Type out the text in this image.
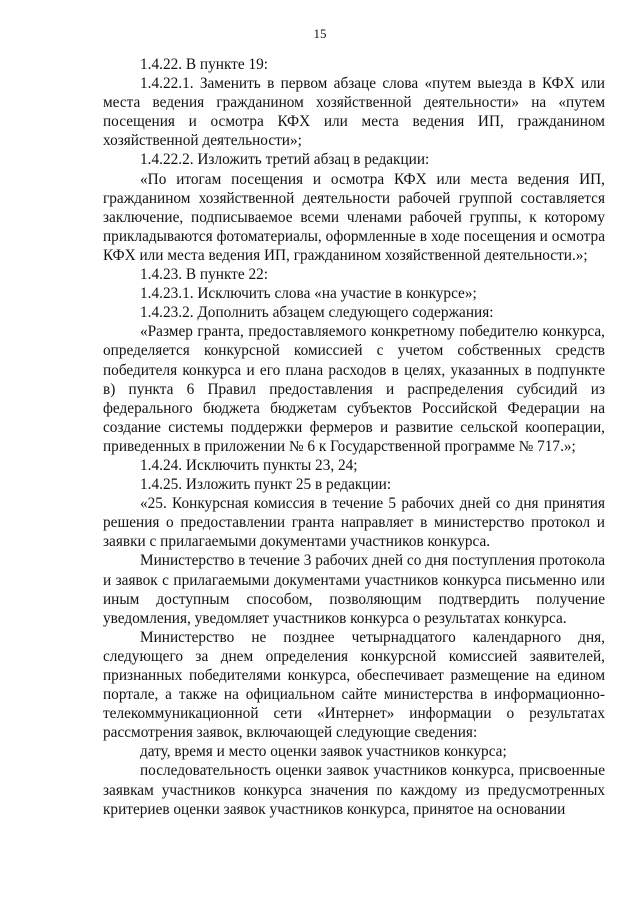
15

1.4.22. В пункте 19:

1.4.22.1. Заменить в первом абзаце слова «путем выезда в КФХ или места ведения гражданином хозяйственной деятельности» на «путем посещения и осмотра КФХ или места ведения ИП, гражданином хозяйственной деятельности»;

1.4.22.2. Изложить третий абзац в редакции:

«По итогам посещения и осмотра КФХ или места ведения ИП, гражданином хозяйственной деятельности рабочей группой составляется заключение, подписываемое всеми членами рабочей группы, к которому прикладываются фотоматериалы, оформленные в ходе посещения и осмотра КФХ или места ведения ИП, гражданином хозяйственной деятельности.»;

1.4.23. В пункте 22:

1.4.23.1. Исключить слова «на участие в конкурсе»;

1.4.23.2. Дополнить абзацем следующего содержания:

«Размер гранта, предоставляемого конкретному победителю конкурса, определяется конкурсной комиссией с учетом собственных средств победителя конкурса и его плана расходов в целях, указанных в подпункте в) пункта 6 Правил предоставления и распределения субсидий из федерального бюджета бюджетам субъектов Российской Федерации на создание системы поддержки фермеров и развитие сельской кооперации, приведенных в приложении № 6 к Государственной программе № 717.»;

1.4.24. Исключить пункты 23, 24;

1.4.25. Изложить пункт 25 в редакции:

«25. Конкурсная комиссия в течение 5 рабочих дней со дня принятия решения о предоставлении гранта направляет в министерство протокол и заявки с прилагаемыми документами участников конкурса.

Министерство в течение 3 рабочих дней со дня поступления протокола и заявок с прилагаемыми документами участников конкурса письменно или иным доступным способом, позволяющим подтвердить получение уведомления, уведомляет участников конкурса о результатах конкурса.

Министерство не позднее четырнадцатого календарного дня, следующего за днем определения конкурсной комиссией заявителей, признанных победителями конкурса, обеспечивает размещение на едином портале, а также на официальном сайте министерства в информационно-телекоммуникационной сети «Интернет» информации о результатах рассмотрения заявок, включающей следующие сведения:

дату, время и место оценки заявок участников конкурса;

последовательность оценки заявок участников конкурса, присвоенные заявкам участников конкурса значения по каждому из предусмотренных критериев оценки заявок участников конкурса, принятое на основании
